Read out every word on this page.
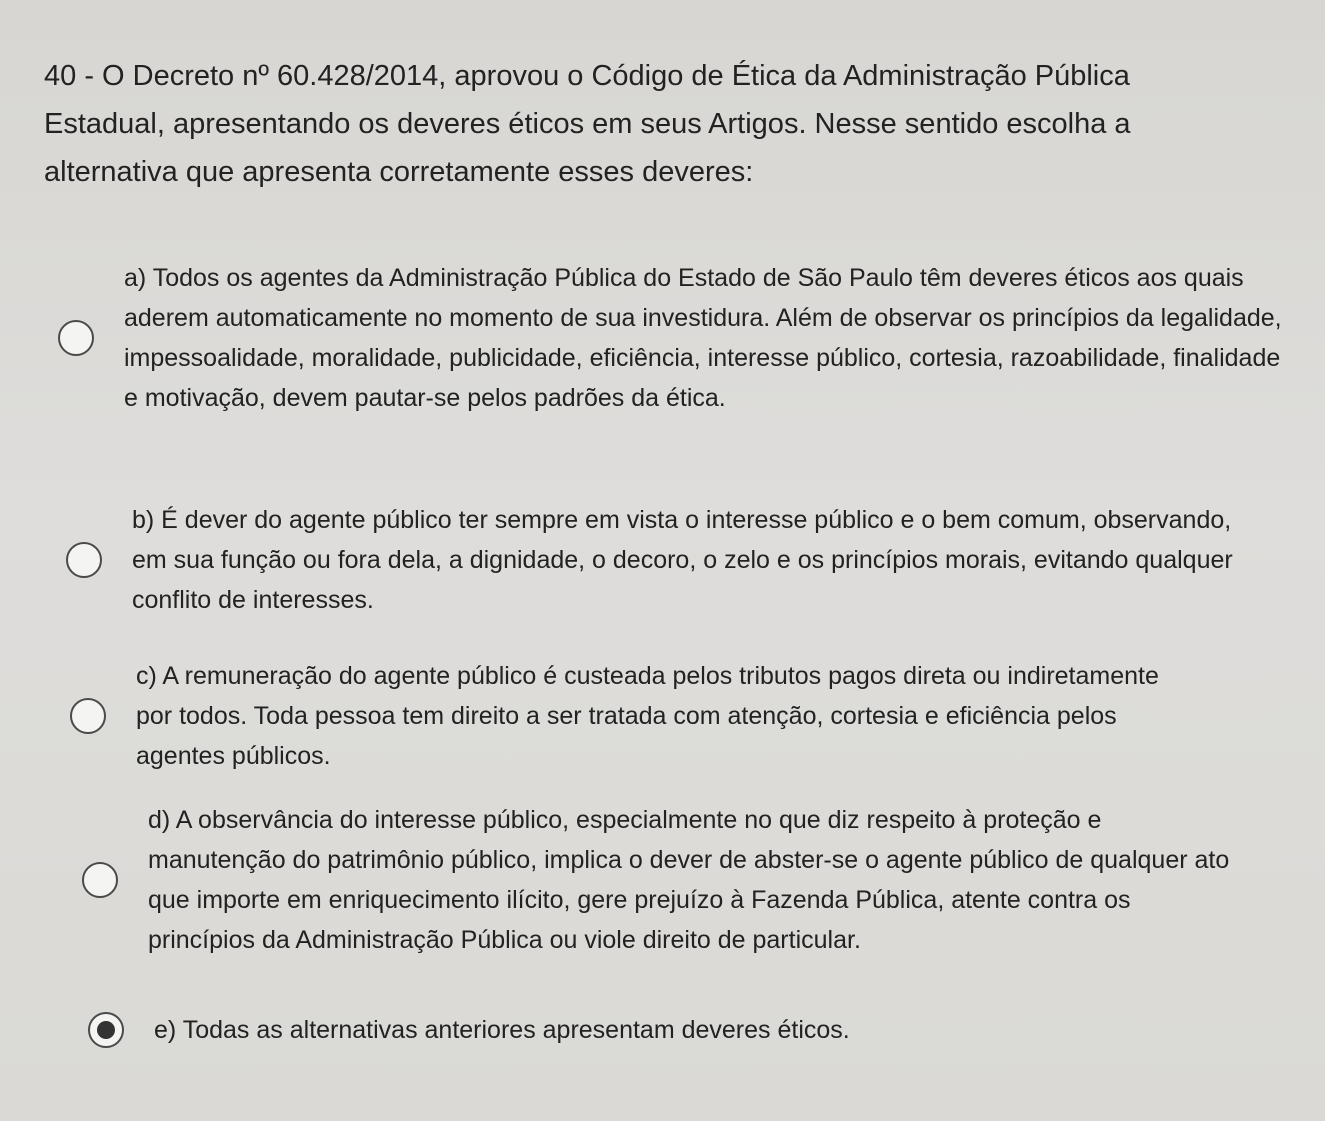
40 - O Decreto nº 60.428/2014, aprovou o Código de Ética da Administração Pública Estadual, apresentando os deveres éticos em seus Artigos. Nesse sentido escolha a alternativa que apresenta corretamente esses deveres:

a) Todos os agentes da Administração Pública do Estado de São Paulo têm deveres éticos aos quais aderem automaticamente no momento de sua investidura. Além de observar os princípios da legalidade, impessoalidade, moralidade, publicidade, eficiência, interesse público, cortesia, razoabilidade, finalidade e motivação, devem pautar-se pelos padrões da ética.
b) É dever do agente público ter sempre em vista o interesse público e o bem comum, observando, em sua função ou fora dela, a dignidade, o decoro, o zelo e os princípios morais, evitando qualquer conflito de interesses.
c) A remuneração do agente público é custeada pelos tributos pagos direta ou indiretamente por todos. Toda pessoa tem direito a ser tratada com atenção, cortesia e eficiência pelos agentes públicos.
d) A observância do interesse público, especialmente no que diz respeito à proteção e manutenção do patrimônio público, implica o dever de abster-se o agente público de qualquer ato que importe em enriquecimento ilícito, gere prejuízo à Fazenda Pública, atente contra os princípios da Administração Pública ou viole direito de particular.
e) Todas as alternativas anteriores apresentam deveres éticos.
